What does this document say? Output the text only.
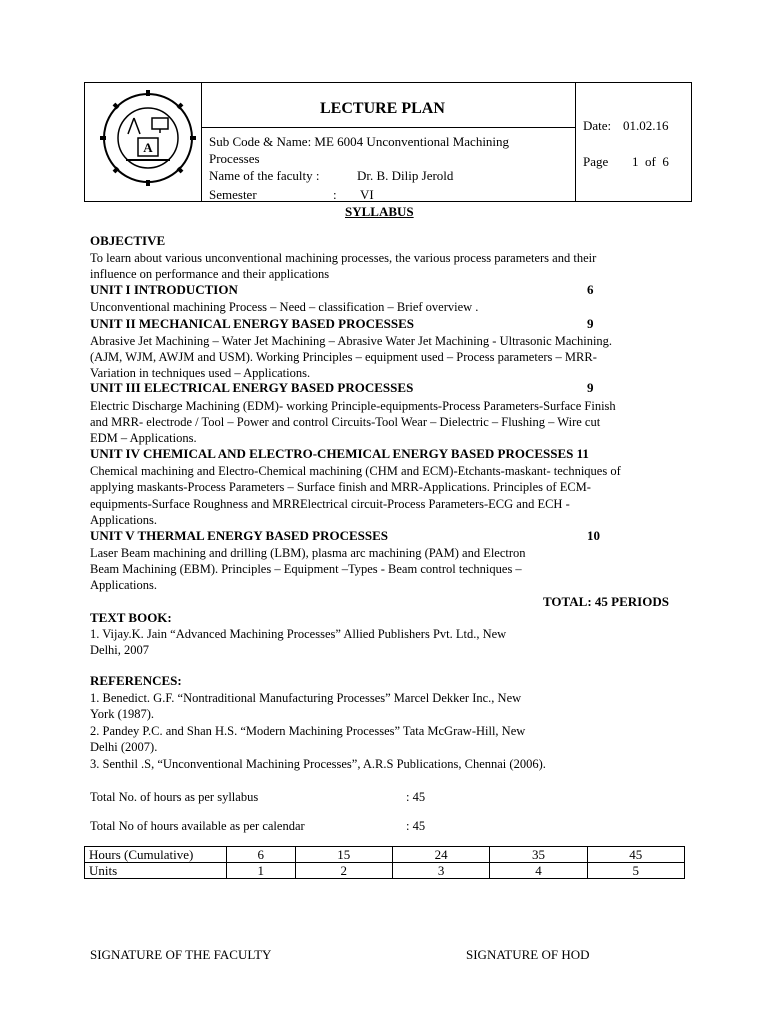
A
LECTURE PLAN
Sub Code & Name: ME 6004 Unconventional Machining
Processes
Name of the faculty :	Dr. B. Dilip Jerold
Semester	: VI
Date: 01.02.16
Page 1  of  6
SYLLABUS
OBJECTIVE
To learn about various unconventional machining processes, the various process parameters and their
influence on performance and their applications
UNIT I INTRODUCTION	6
Unconventional machining Process – Need – classification – Brief overview .
UNIT II MECHANICAL ENERGY BASED PROCESSES	9
Abrasive Jet Machining – Water Jet Machining – Abrasive Water Jet Machining - Ultrasonic Machining.
(AJM, WJM, AWJM and USM). Working Principles – equipment used – Process parameters – MRR-
Variation in techniques used – Applications.
UNIT III ELECTRICAL ENERGY BASED PROCESSES	9
Electric Discharge Machining (EDM)- working Principle-equipments-Process Parameters-Surface Finish
and MRR- electrode / Tool – Power and control Circuits-Tool Wear – Dielectric – Flushing – Wire cut
EDM – Applications.
UNIT IV CHEMICAL AND ELECTRO-CHEMICAL ENERGY BASED PROCESSES 11
Chemical machining and Electro-Chemical machining (CHM and ECM)-Etchants-maskant- techniques of
applying maskants-Process Parameters – Surface finish and MRR-Applications. Principles of ECM-
equipments-Surface Roughness and MRRElectrical circuit-Process Parameters-ECG and ECH -
Applications.
UNIT V THERMAL ENERGY BASED PROCESSES	10
Laser Beam machining and drilling (LBM), plasma arc machining (PAM) and Electron
Beam Machining (EBM). Principles – Equipment –Types - Beam control techniques –
Applications.
TOTAL: 45 PERIODS
TEXT BOOK:
1. Vijay.K. Jain “Advanced Machining Processes” Allied Publishers Pvt. Ltd., New
Delhi, 2007
REFERENCES:
1. Benedict. G.F. “Nontraditional Manufacturing Processes” Marcel Dekker Inc., New
York (1987).
2. Pandey P.C. and Shan H.S. “Modern Machining Processes” Tata McGraw-Hill, New
Delhi (2007).
3. Senthil .S, “Unconventional Machining Processes”, A.R.S Publications, Chennai (2006).
Total No. of hours as per syllabus	: 45
Total No of hours available as per calendar	: 45
Hours (Cumulative)	6	15	24	35	45
Units	1	2	3	4	5
SIGNATURE OF THE FACULTY	SIGNATURE OF HOD
